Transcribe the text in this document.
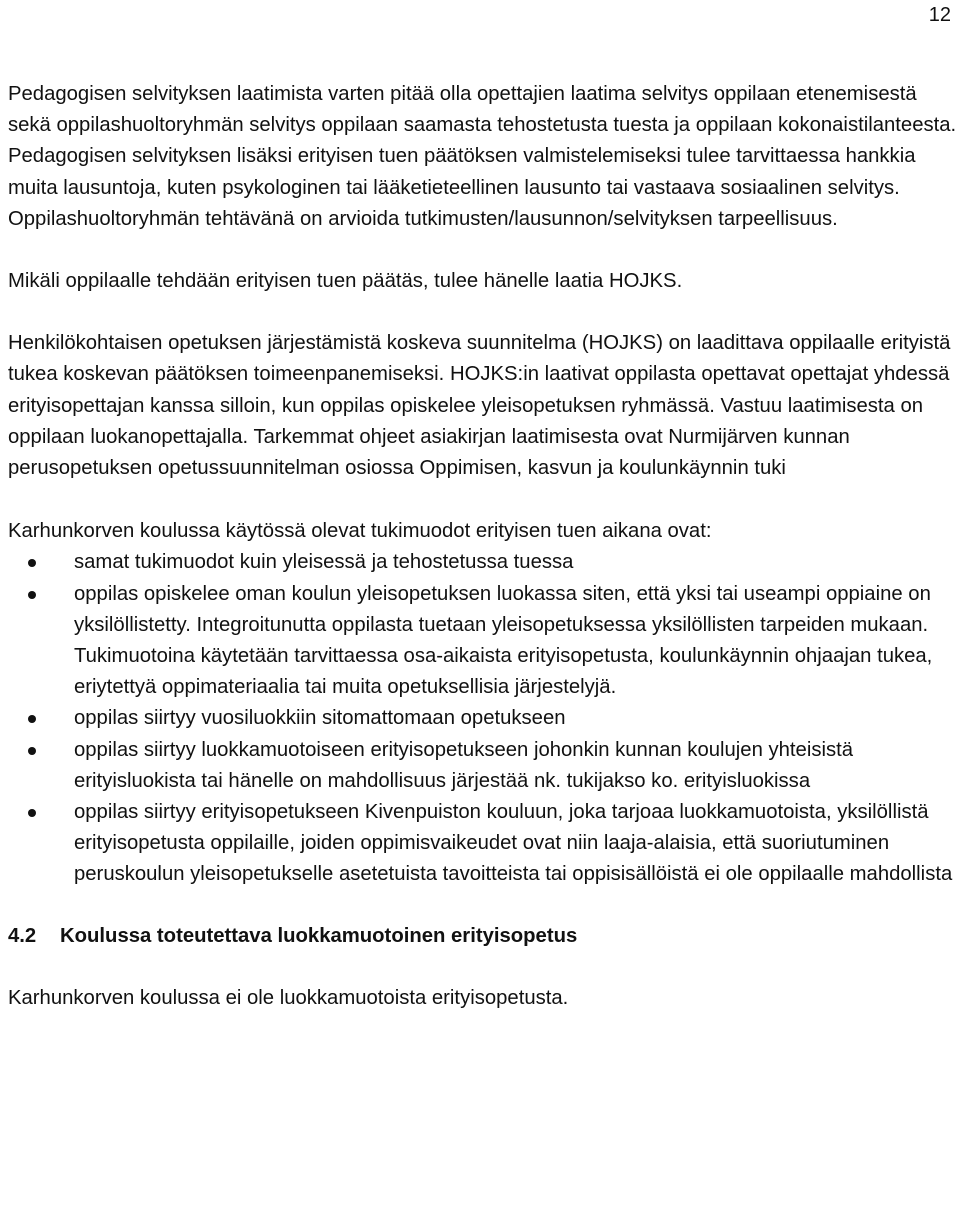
12

Pedagogisen selvityksen laatimista varten pitää olla opettajien laatima selvitys oppilaan etenemisestä sekä oppilashuoltoryhmän selvitys oppilaan saamasta tehostetusta tuesta ja oppilaan kokonaistilanteesta. Pedagogisen selvityksen lisäksi erityisen tuen päätöksen valmistelemiseksi tulee tarvittaessa hankkia muita lausuntoja, kuten psykologinen tai lääketieteellinen lausunto tai vastaava sosiaalinen selvitys. Oppilashuoltoryhmän tehtävänä on arvioida tutkimusten/lausunnon/selvityksen tarpeellisuus.

Mikäli oppilaalle tehdään erityisen tuen päätäs, tulee hänelle laatia HOJKS.

Henkilökohtaisen opetuksen järjestämistä koskeva suunnitelma (HOJKS) on laadittava oppilaalle erityistä tukea koskevan päätöksen toimeenpanemiseksi. HOJKS:in laativat oppilasta opettavat opettajat yhdessä erityisopettajan kanssa silloin, kun oppilas opiskelee yleisopetuksen ryhmässä. Vastuu laatimisesta on oppilaan luokanopettajalla. Tarkemmat ohjeet asiakirjan laatimisesta ovat Nurmijärven kunnan perusopetuksen opetussuunnitelman osiossa Oppimisen, kasvun ja koulunkäynnin tuki

Karhunkorven koulussa käytössä olevat tukimuodot erityisen tuen aikana ovat:

samat tukimuodot kuin yleisessä ja tehostetussa tuessa
oppilas opiskelee oman koulun yleisopetuksen luokassa siten, että yksi tai useampi oppiaine on yksilöllistetty. Integroitunutta oppilasta tuetaan yleisopetuksessa yksilöllisten tarpeiden mukaan. Tukimuotoina käytetään tarvittaessa osa-aikaista erityisopetusta, koulunkäynnin ohjaajan tukea, eriytettyä oppimateriaalia tai muita opetuksellisia järjestelyjä.
oppilas siirtyy vuosiluokkiin sitomattomaan opetukseen
oppilas siirtyy luokkamuotoiseen erityisopetukseen johonkin kunnan koulujen yhteisistä erityisluokista tai hänelle on mahdollisuus järjestää nk. tukijakso ko. erityisluokissa
oppilas siirtyy erityisopetukseen Kivenpuiston kouluun, joka tarjoaa luokkamuotoista, yksilöllistä erityisopetusta oppilaille, joiden oppimisvaikeudet ovat niin laaja-alaisia, että suoriutuminen peruskoulun yleisopetukselle asetetuista tavoitteista tai oppisisällöistä ei ole oppilaalle mahdollista
4.2 Koulussa toteutettava luokkamuotoinen erityisopetus

Karhunkorven koulussa ei ole luokkamuotoista erityisopetusta.
